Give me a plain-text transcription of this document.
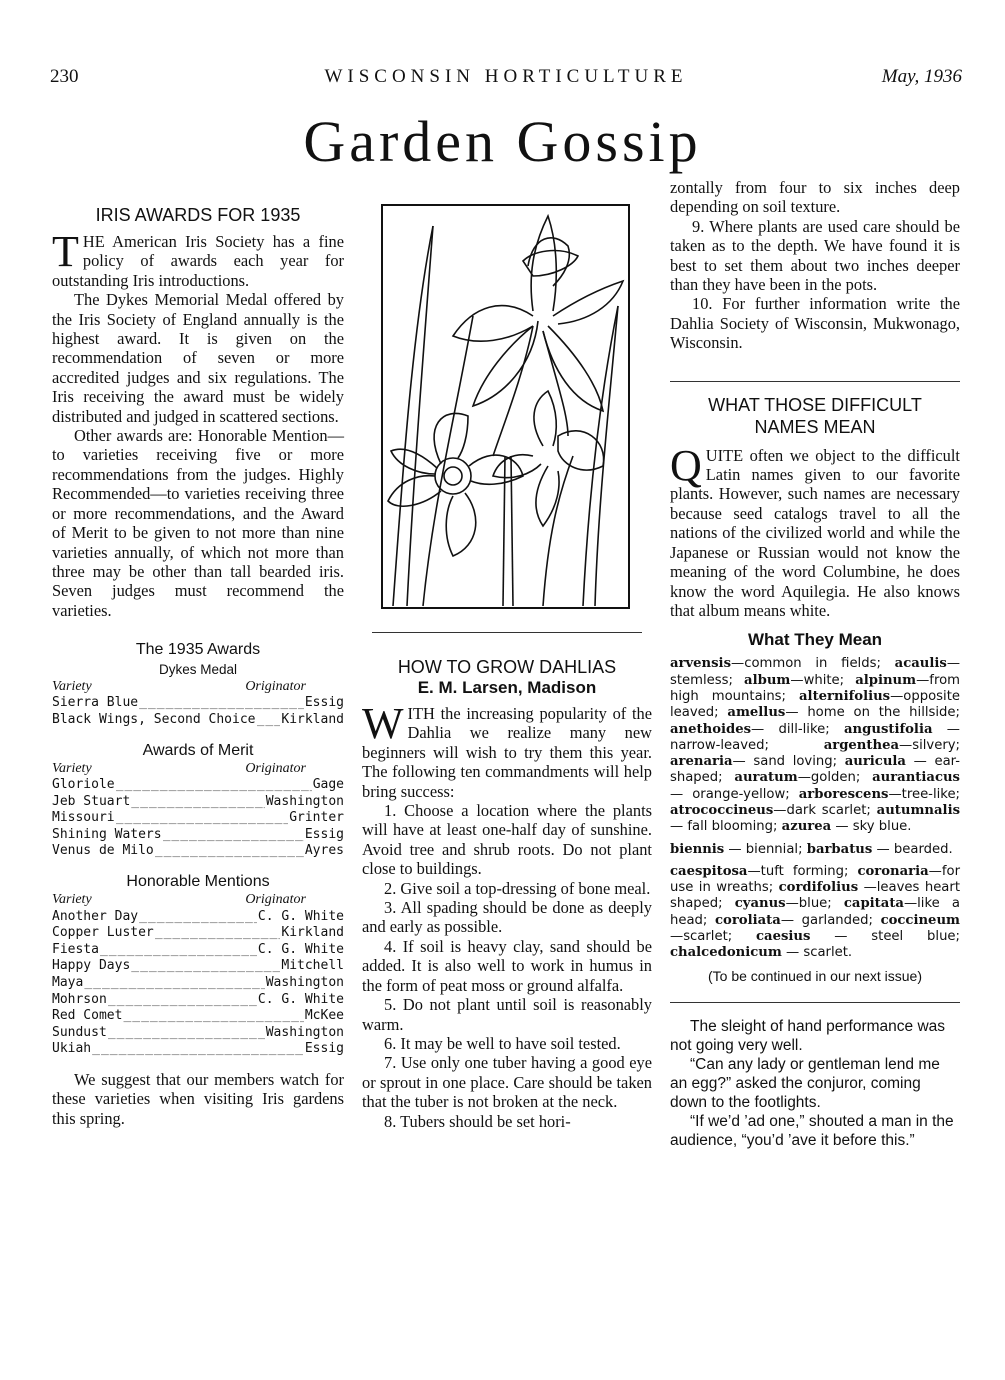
230	WISCONSIN HORTICULTURE	May, 1936
Garden Gossip
IRIS AWARDS FOR 1935

THE American Iris Society has a fine policy of awards each year for outstanding Iris introductions.

The Dykes Memorial Medal offered by the Iris Society of England annually is the highest award. It is given on the recommendation of seven or more accredited judges and six regulations. The Iris receiving the award must be widely distributed and judged in scattered sections.

Other awards are: Honorable Mention—to varieties receiving five or more recommendations from the judges. Highly Recommended—to varieties receiving three or more recommendations, and the Award of Merit to be given to not more than nine varieties annually, of which not more than three may be other than tall bearded iris. Seven judges must recommend the varieties.

The 1935 Awards
Dykes Medal
Variety	Originator
Sierra Blue _____	Essig
Black Wings, Second Choice _____ Kirkland
Awards of Merit
Variety	Originator
Gloriole _____	Gage
Jeb Stuart _____	Washington
Missouri _____	Grinter
Shining Waters _____	Essig
Venus de Milo _____	Ayres
Honorable Mentions
Variety	Originator
Another Day _____	C. G. White
Copper Luster _____	Kirkland
Fiesta _____	C. G. White
Happy Days _____	Mitchell
Maya _____	Washington
Mohrson _____	C. G. White
Red Comet _____	McKee
Sundust _____	Washington
Ukiah _____	Essig

We suggest that our members watch for these varieties when visiting Iris gardens this spring.

HOW TO GROW DAHLIAS
E. M. Larsen, Madison

WITH the increasing popularity of the Dahlia we realize many new beginners will wish to try them this year. The following ten commandments will help bring success:

1. Choose a location where the plants will have at least one-half day of sunshine. Avoid tree and shrub roots. Do not plant close to buildings.

2. Give soil a top-dressing of bone meal.

3. All spading should be done as deeply and early as possible.

4. If soil is heavy clay, sand should be added. It is also well to work in humus in the form of peat moss or ground alfalfa.

5. Do not plant until soil is reasonably warm.

6. It may be well to have soil tested.

7. Use only one tuber having a good eye or sprout in one place. Care should be taken that the tuber is not broken at the neck.

8. Tubers should be set hori-

zontally from four to six inches deep depending on soil texture.

9. Where plants are used care should be taken as to the depth. We have found it is best to set them about two inches deeper than they have been in the pots.

10. For further information write the Dahlia Society of Wisconsin, Mukwonago, Wisconsin.

WHAT THOSE DIFFICULT NAMES MEAN

QUITE often we object to the difficult Latin names given to our favorite plants. However, such names are necessary because seed catalogs travel to all the nations of the civilized world and while the Japanese or Russian would not know the meaning of the word Columbine, he does know the word Aquilegia. He also knows that album means white.

What They Mean

arvensis—common in fields; acaulis—stemless; album—white; alpinum—from high mountains; alternifolius—opposite leaved; amellus— home on the hillside; anethoides— dill-like; angustifolia — narrow-leaved; argenthea—silvery; arenaria— sand loving; auricula — ear-shaped; auratum—golden; aurantiacus — orange-yellow; arborescens—tree-like; atrococcineus—dark scarlet; autumnalis — fall blooming; azurea — sky blue.

biennis — biennial; barbatus — bearded.

caespitosa—tuft forming; coronaria—for use in wreaths; cordifolius —leaves heart shaped; cyanus—blue; capitata—like a head; coroliata— garlanded; coccineum—scarlet; caesius — steel blue; chalcedonicum — scarlet.

(To be continued in our next issue)

The sleight of hand performance was not going very well.

“Can any lady or gentleman lend me an egg?” asked the conjuror, coming down to the footlights.

“If we’d ’ad one,” shouted a man in the audience, “you’d ’ave it before this.”
